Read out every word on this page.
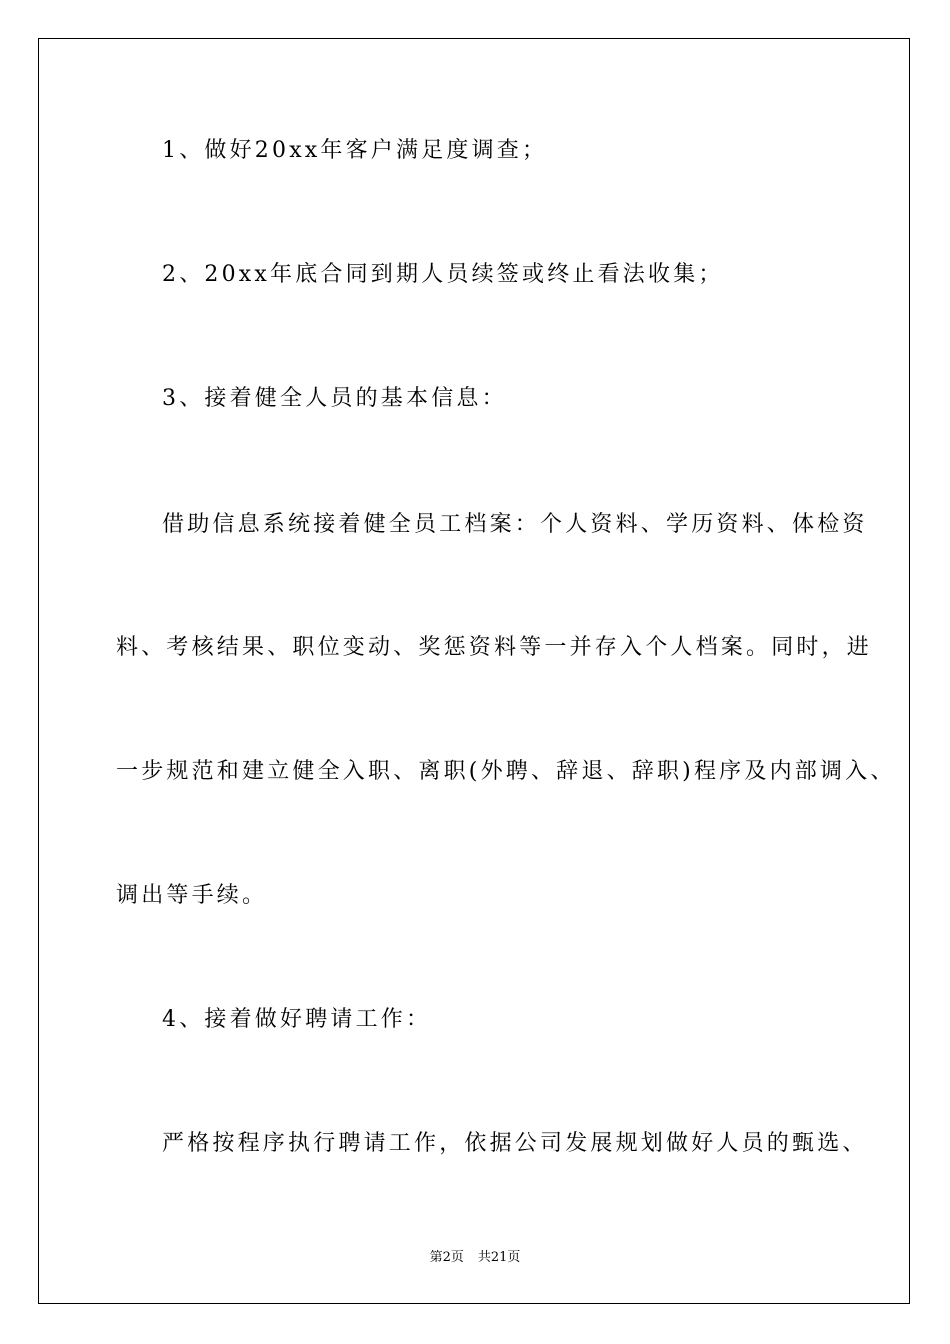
1、做好20xx年客户满足度调查；
2、20xx年底合同到期人员续签或终止看法收集；
3、接着健全人员的基本信息：
借助信息系统接着健全员工档案：个人资料、学历资料、体检资
料、考核结果、职位变动、奖惩资料等一并存入个人档案。同时，进
一步规范和建立健全入职、离职(外聘、辞退、辞职)程序及内部调入、
调出等手续。
4、接着做好聘请工作：
严格按程序执行聘请工作，依据公司发展规划做好人员的甄选、
第2页 共21页
